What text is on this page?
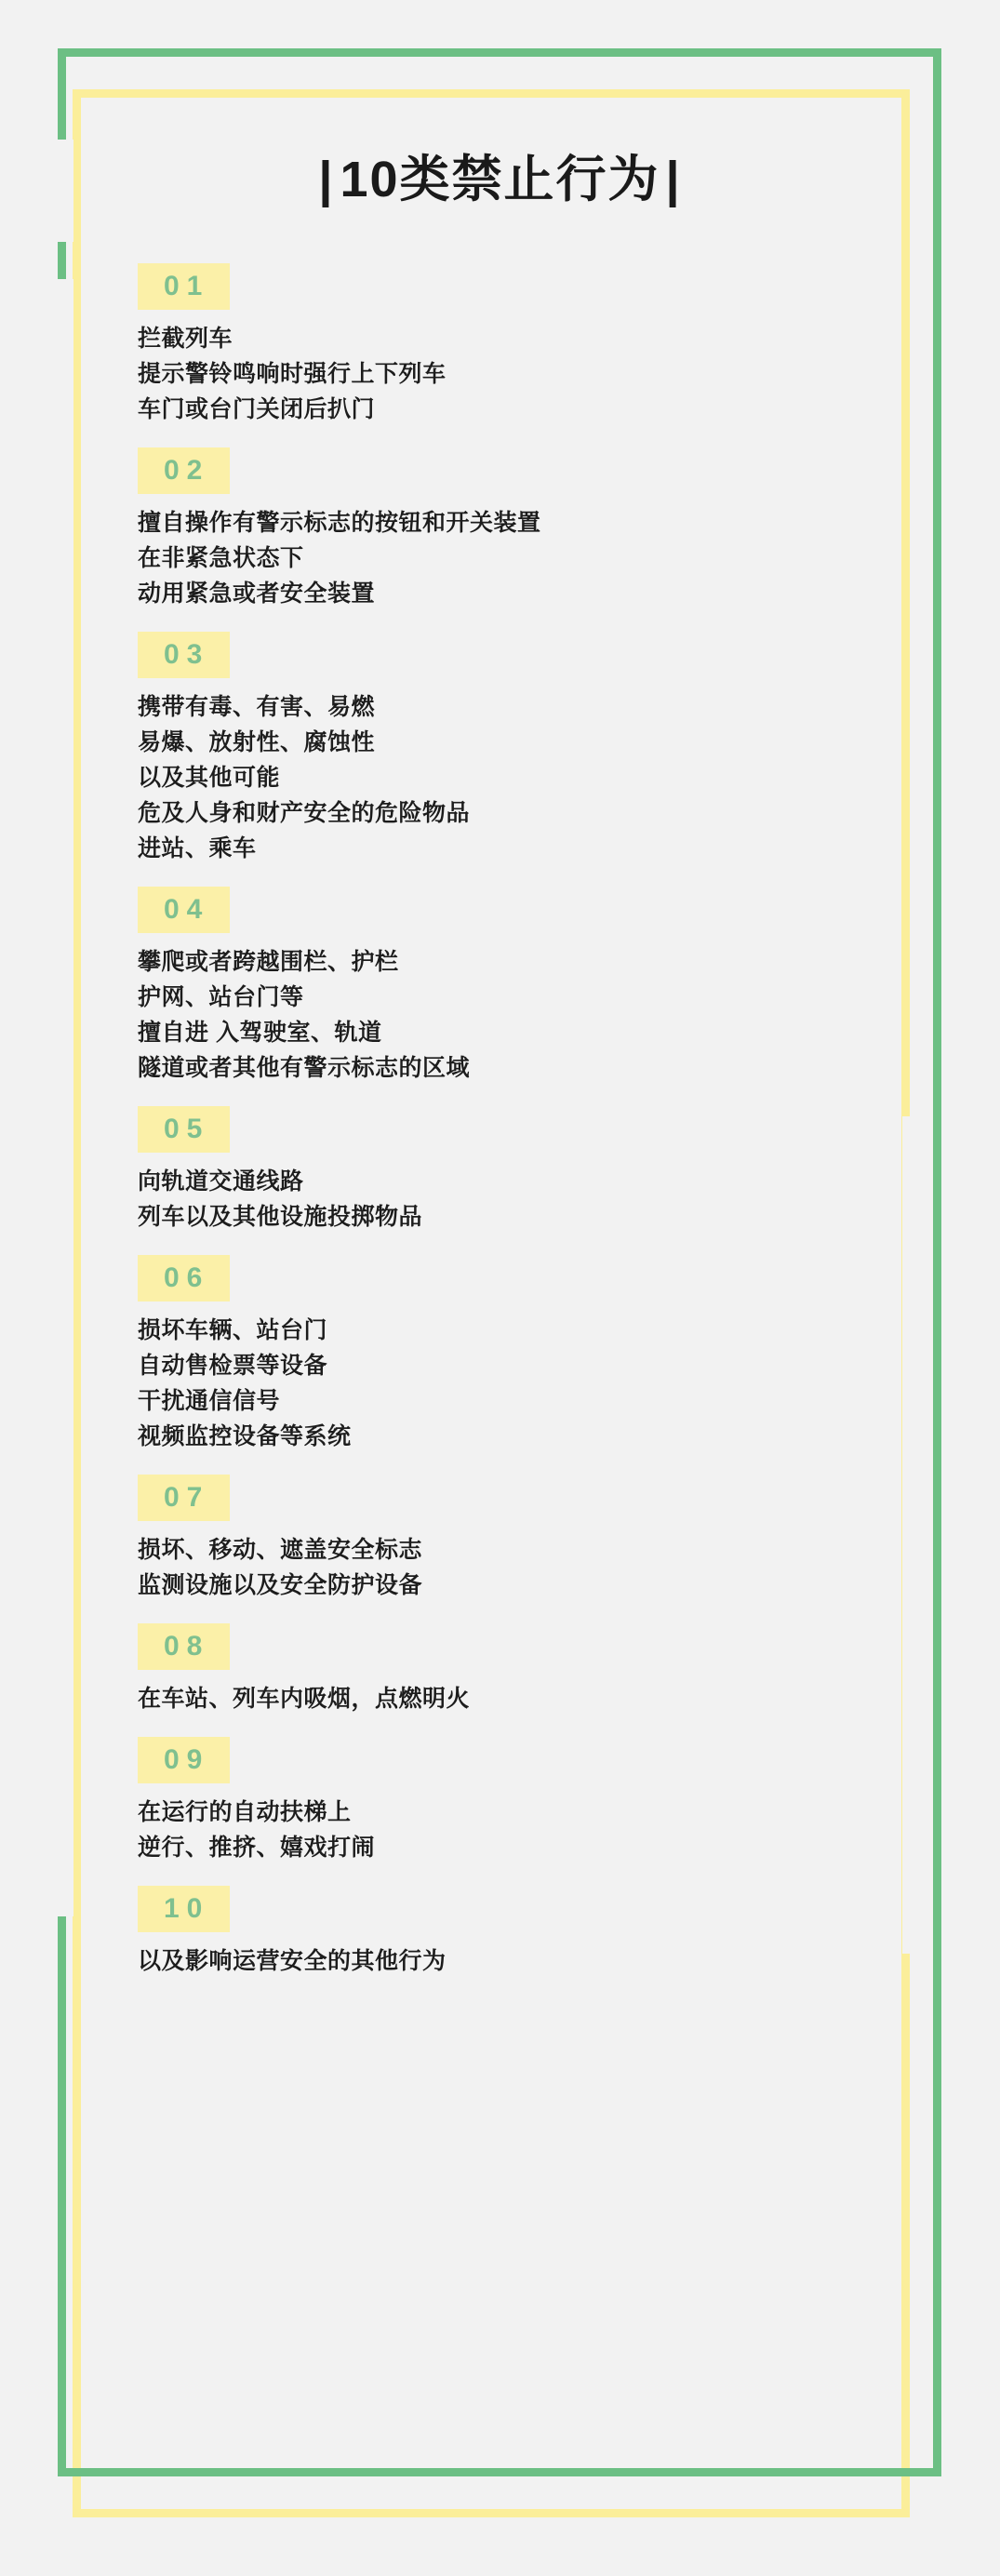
| 10类禁止行为 |
01
拦截列车
提示警铃鸣响时强行上下列车
车门或台门关闭后扒门
02
擅自操作有警示标志的按钮和开关装置
在非紧急状态下
动用紧急或者安全装置
03
携带有毒、有害、易燃
易爆、放射性、腐蚀性
以及其他可能
危及人身和财产安全的危险物品
进站、乘车
04
攀爬或者跨越围栏、护栏
护网、站台门等
擅自进 入驾驶室、轨道
隧道或者其他有警示标志的区域
05
向轨道交通线路
列车以及其他设施投掷物品
06
损坏车辆、站台门
自动售检票等设备
干扰通信信号
视频监控设备等系统
07
损坏、移动、遮盖安全标志
监测设施以及安全防护设备
08
在车站、列车内吸烟，点燃明火
09
在运行的自动扶梯上
逆行、推挤、嬉戏打闹
10
以及影响运营安全的其他行为
